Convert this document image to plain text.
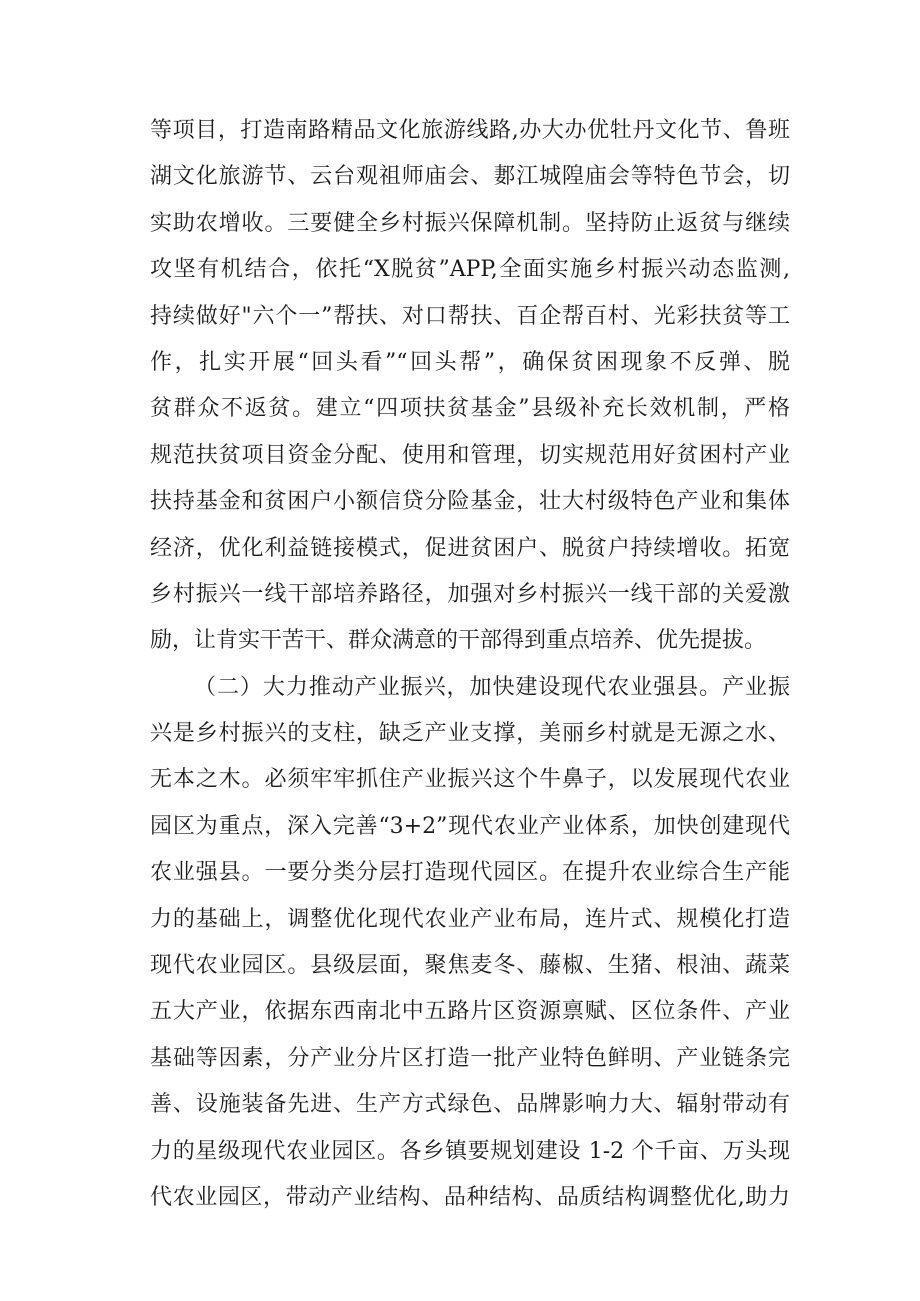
等项目，打造南路精品文化旅游线路,办大办优牡丹文化节、鲁班
湖文化旅游节、云台观祖师庙会、郪江城隍庙会等特色节会，切
实助农增收。三要健全乡村振兴保障机制。坚持防止返贫与继续
攻坚有机结合，依托“X脱贫”APP,全面实施乡村振兴动态监测,
持续做好"六个一”帮扶、对口帮扶、百企帮百村、光彩扶贫等工
作，扎实开展“回头看”“回头帮”，确保贫困现象不反弹、脱
贫群众不返贫。建立“四项扶贫基金”县级补充长效机制，严格
规范扶贫项目资金分配、使用和管理，切实规范用好贫困村产业
扶持基金和贫困户小额信贷分险基金，壮大村级特色产业和集体
经济，优化利益链接模式，促进贫困户、脱贫户持续增收。拓宽
乡村振兴一线干部培养路径，加强对乡村振兴一线干部的关爱激
励，让肯实干苦干、群众满意的干部得到重点培养、优先提拔。
（二）大力推动产业振兴，加快建设现代农业强县。产业振
兴是乡村振兴的支柱，缺乏产业支撑，美丽乡村就是无源之水、
无本之木。必须牢牢抓住产业振兴这个牛鼻子，以发展现代农业
园区为重点，深入完善“3+2”现代农业产业体系，加快创建现代
农业强县。一要分类分层打造现代园区。在提升农业综合生产能
力的基础上，调整优化现代农业产业布局，连片式、规模化打造
现代农业园区。县级层面，聚焦麦冬、藤椒、生猪、根油、蔬菜
五大产业，依据东西南北中五路片区资源禀赋、区位条件、产业
基础等因素，分产业分片区打造一批产业特色鲜明、产业链条完
善、设施装备先进、生产方式绿色、品牌影响力大、辐射带动有
力的星级现代农业园区。各乡镇要规划建设 1-2 个千亩、万头现
代农业园区，带动产业结构、品种结构、品质结构调整优化,助力
